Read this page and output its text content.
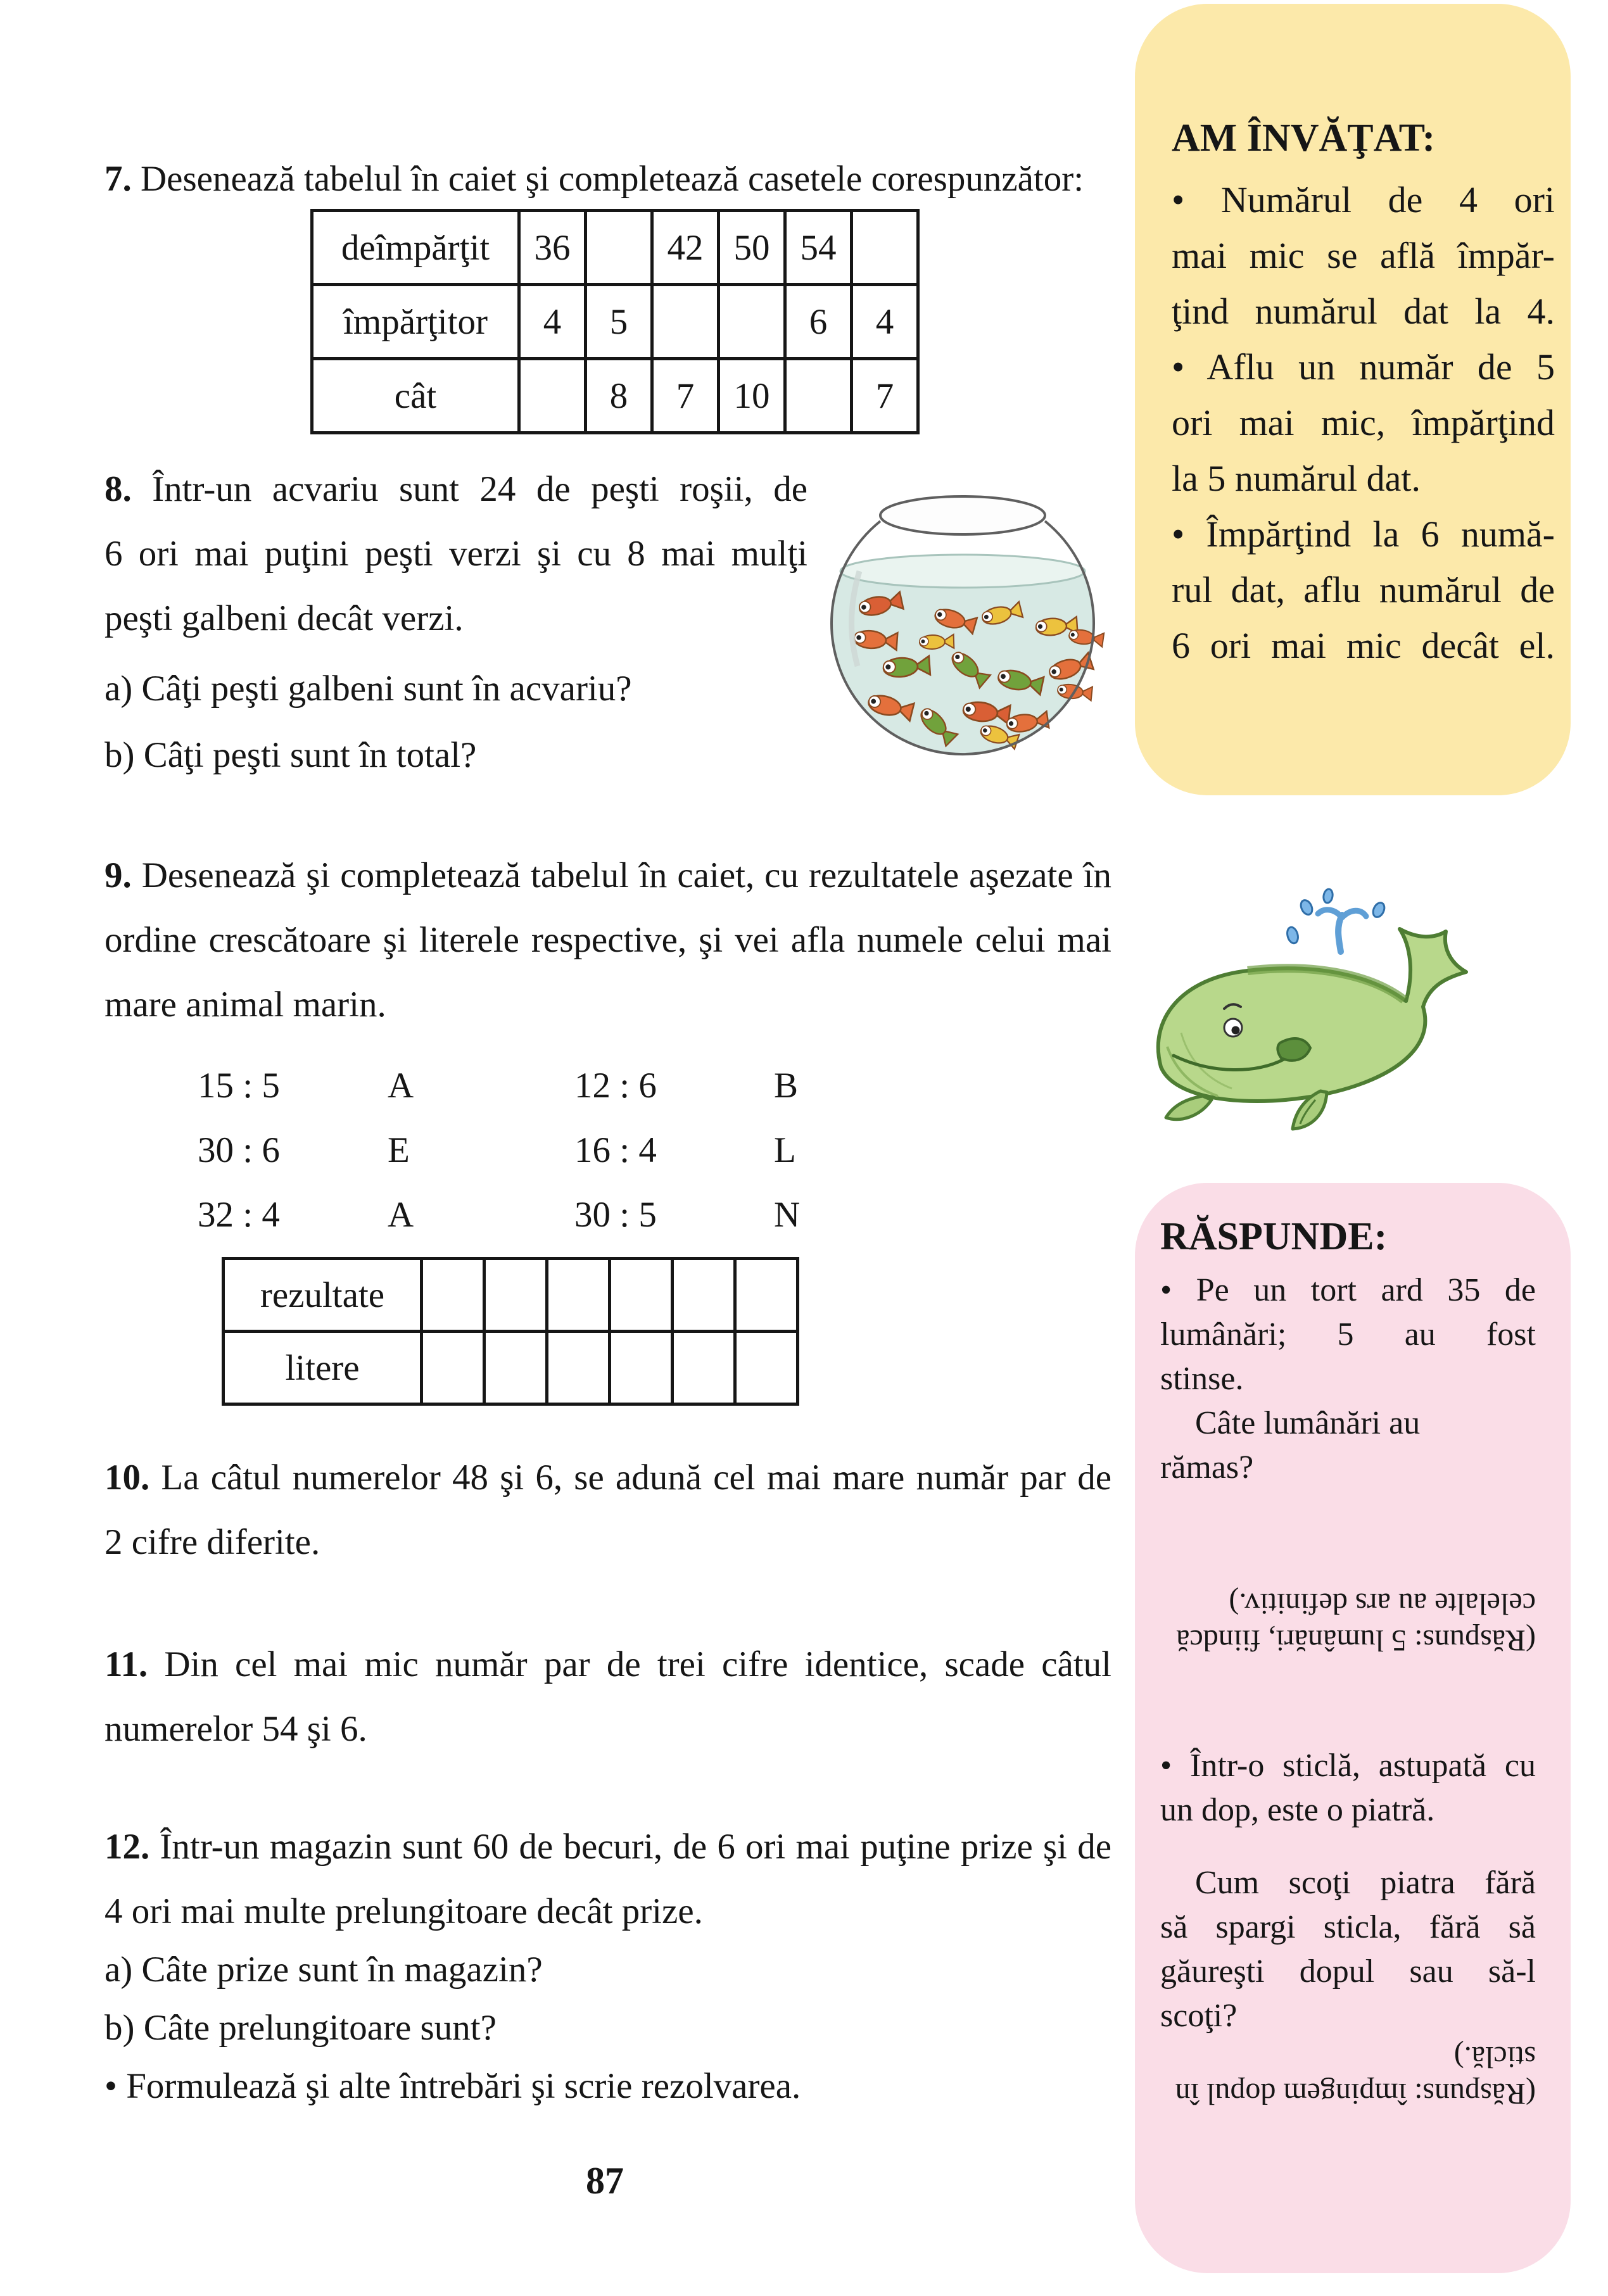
7. Desenează tabelul în caiet şi completează casetele corespunzător:
deîmpărţit	36		42	50	54	
împărţitor	4	5			6	4
cât		8	7	10		7
8. Într-un acvariu sunt 24 de peşti roşii, de
6 ori mai puţini peşti verzi şi cu 8 mai mulţi
peşti galbeni decât verzi.
a) Câţi peşti galbeni sunt în acvariu?
b) Câţi peşti sunt în total?
9. Desenează şi completează tabelul în caiet, cu rezultatele aşezate în
ordine crescătoare şi literele respective, şi vei afla numele celui mai
mare animal marin.
15 : 5	A	12 : 6	B
30 : 6	E	16 : 4	L
32 : 4	A	30 : 5	N
rezultate						
litere						
10. La câtul numerelor 48 şi 6, se adună cel mai mare număr par de
2 cifre diferite.
11. Din cel mai mic număr par de trei cifre identice, scade câtul
numerelor 54 şi 6.
12. Într-un magazin sunt 60 de becuri, de 6 ori mai puţine prize şi de
4 ori mai multe prelungitoare decât prize.
a) Câte prize sunt în magazin?
b) Câte prelungitoare sunt?
• Formulează şi alte întrebări şi scrie rezolvarea.
87
AM ÎNVĂŢAT:
• Numărul de 4 ori
mai mic se află împăr-
ţind numărul dat la 4.
• Aflu un număr de 5
ori mai mic, împărţind
la 5 numărul dat.
• Împărţind la 6 numă-
rul dat, aflu numărul de
6 ori mai mic decât el.
RĂSPUNDE:
• Pe un tort ard 35 de
lumânări; 5 au fost
stinse.
Câte lumânări au
rămas?
(Răspuns: 5 lumânări, fiindcă
celelalte au ars definitiv.)
• Într-o sticlă, astupată cu
un dop, este o piatră.
Cum scoţi piatra fără
să spargi sticla, fără să
găureşti dopul sau să-l
scoţi?
(Răspuns: împingem dopul în
sticlă.)
